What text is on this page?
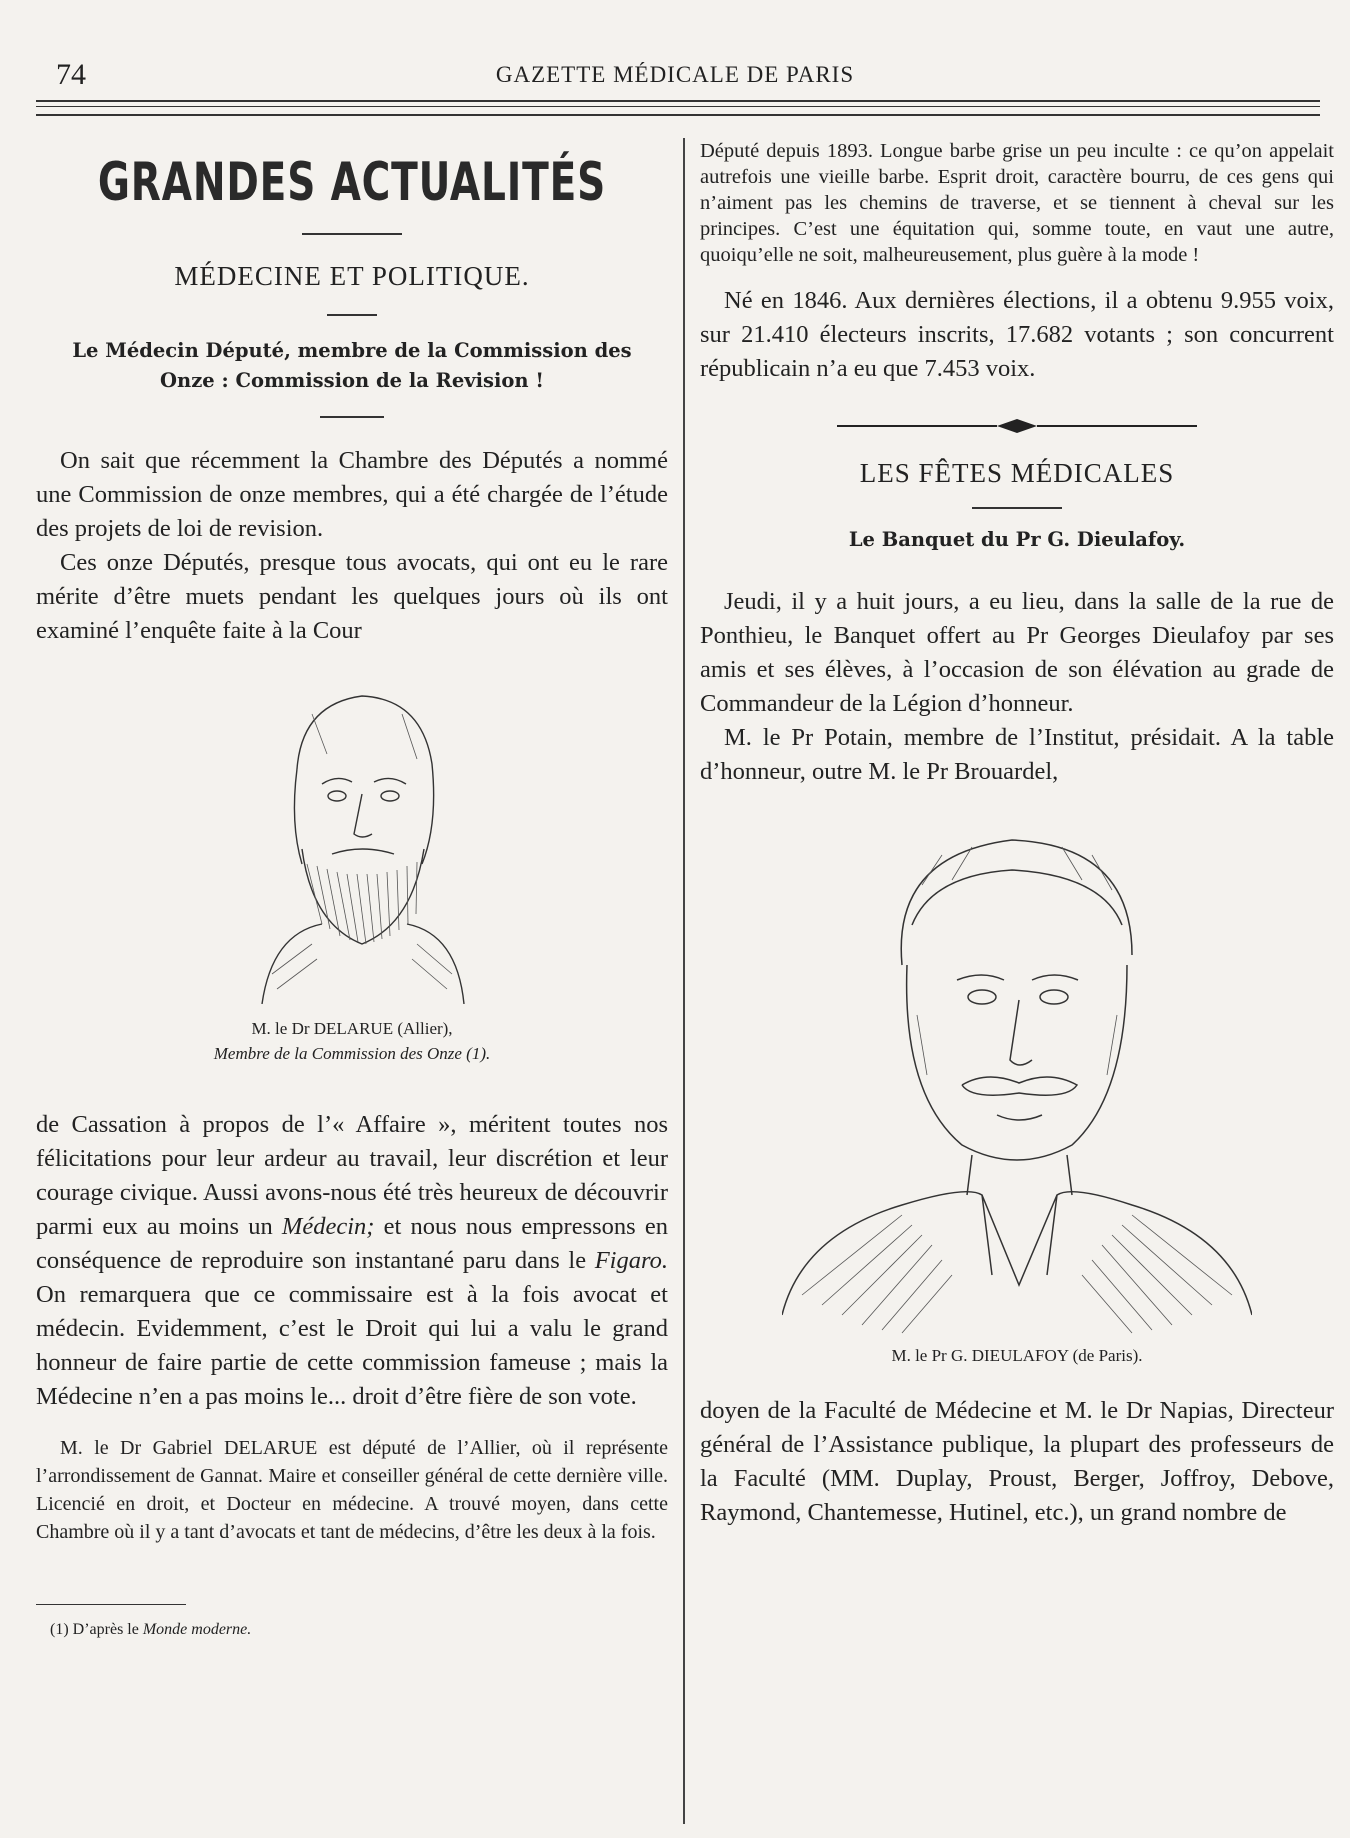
74	GAZETTE MÉDICALE DE PARIS
GRANDES ACTUALITÉS

MÉDECINE ET POLITIQUE.

Le Médecin Député, membre de la Commission des Onze : Commission de la Revision !

On sait que récemment la Chambre des Députés a nommé une Commission de onze membres, qui a été chargée de l’étude des projets de loi de revision.

Ces onze Députés, presque tous avocats, qui ont eu le rare mérite d’être muets pendant les quelques jours où ils ont examiné l’enquête faite à la Cour

M. le Dr DELARUE (Allier),

Membre de la Commission des Onze (1).

de Cassation à propos de l’« Affaire », méritent toutes nos félicitations pour leur ardeur au travail, leur discrétion et leur courage civique. Aussi avons-nous été très heureux de découvrir parmi eux au moins un Médecin; et nous nous empressons en conséquence de reproduire son instantané paru dans le Figaro. On remarquera que ce commissaire est à la fois avocat et médecin. Evidemment, c’est le Droit qui lui a valu le grand honneur de faire partie de cette commission fameuse ; mais la Médecine n’en a pas moins le... droit d’être fière de son vote.

M. le Dr Gabriel DELARUE est député de l’Allier, où il représente l’arrondissement de Gannat. Maire et conseiller général de cette dernière ville. Licencié en droit, et Docteur en médecine. A trouvé moyen, dans cette Chambre où il y a tant d’avocats et tant de médecins, d’être les deux à la fois.

(1) D’après le Monde moderne.

Député depuis 1893. Longue barbe grise un peu inculte : ce qu’on appelait autrefois une vieille barbe. Esprit droit, caractère bourru, de ces gens qui n’aiment pas les chemins de traverse, et se tiennent à cheval sur les principes. C’est une équitation qui, somme toute, en vaut une autre, quoiqu’elle ne soit, malheureusement, plus guère à la mode !

Né en 1846. Aux dernières élections, il a obtenu 9.955 voix, sur 21.410 électeurs inscrits, 17.682 votants ; son concurrent républicain n’a eu que 7.453 voix.

LES FÊTES MÉDICALES

Le Banquet du Pr G. Dieulafoy.

Jeudi, il y a huit jours, a eu lieu, dans la salle de la rue de Ponthieu, le Banquet offert au Pr Georges Dieulafoy par ses amis et ses élèves, à l’occasion de son élévation au grade de Commandeur de la Légion d’honneur.

M. le Pr Potain, membre de l’Institut, présidait. A la table d’honneur, outre M. le Pr Brouardel,

M. le Pr G. DIEULAFOY (de Paris).

doyen de la Faculté de Médecine et M. le Dr Napias, Directeur général de l’Assistance publique, la plupart des professeurs de la Faculté (MM. Duplay, Proust, Berger, Joffroy, Debove, Raymond, Chantemesse, Hutinel, etc.), un grand nombre de
